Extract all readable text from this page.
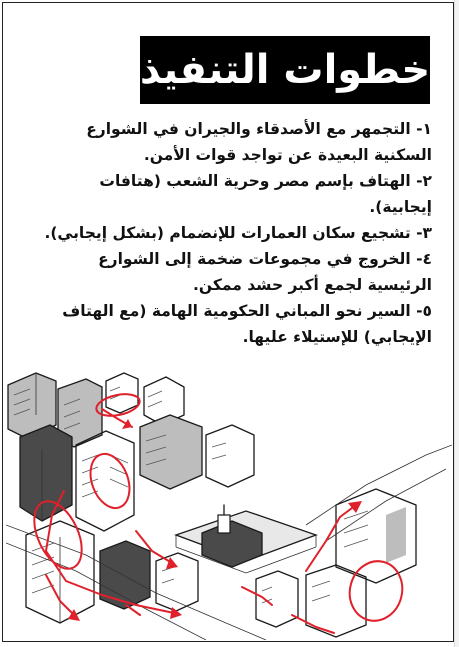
خطوات التنفيذ
١- التجمهر مع الأصدقاء والجيران في الشوارع السكنية البعيدة عن تواجد قوات الأمن.
٢- الهتاف بإسم مصر وحرية الشعب (هتافات إيجابية).
٣- تشجيع سكان العمارات للإنضمام (بشكل إيجابي).
٤- الخروج في مجموعات ضخمة إلى الشوارع الرئيسية لجمع أكبر حشد ممكن.
٥- السير نحو المباني الحكومية الهامة (مع الهتاف الإيجابي) للإستيلاء عليها.
